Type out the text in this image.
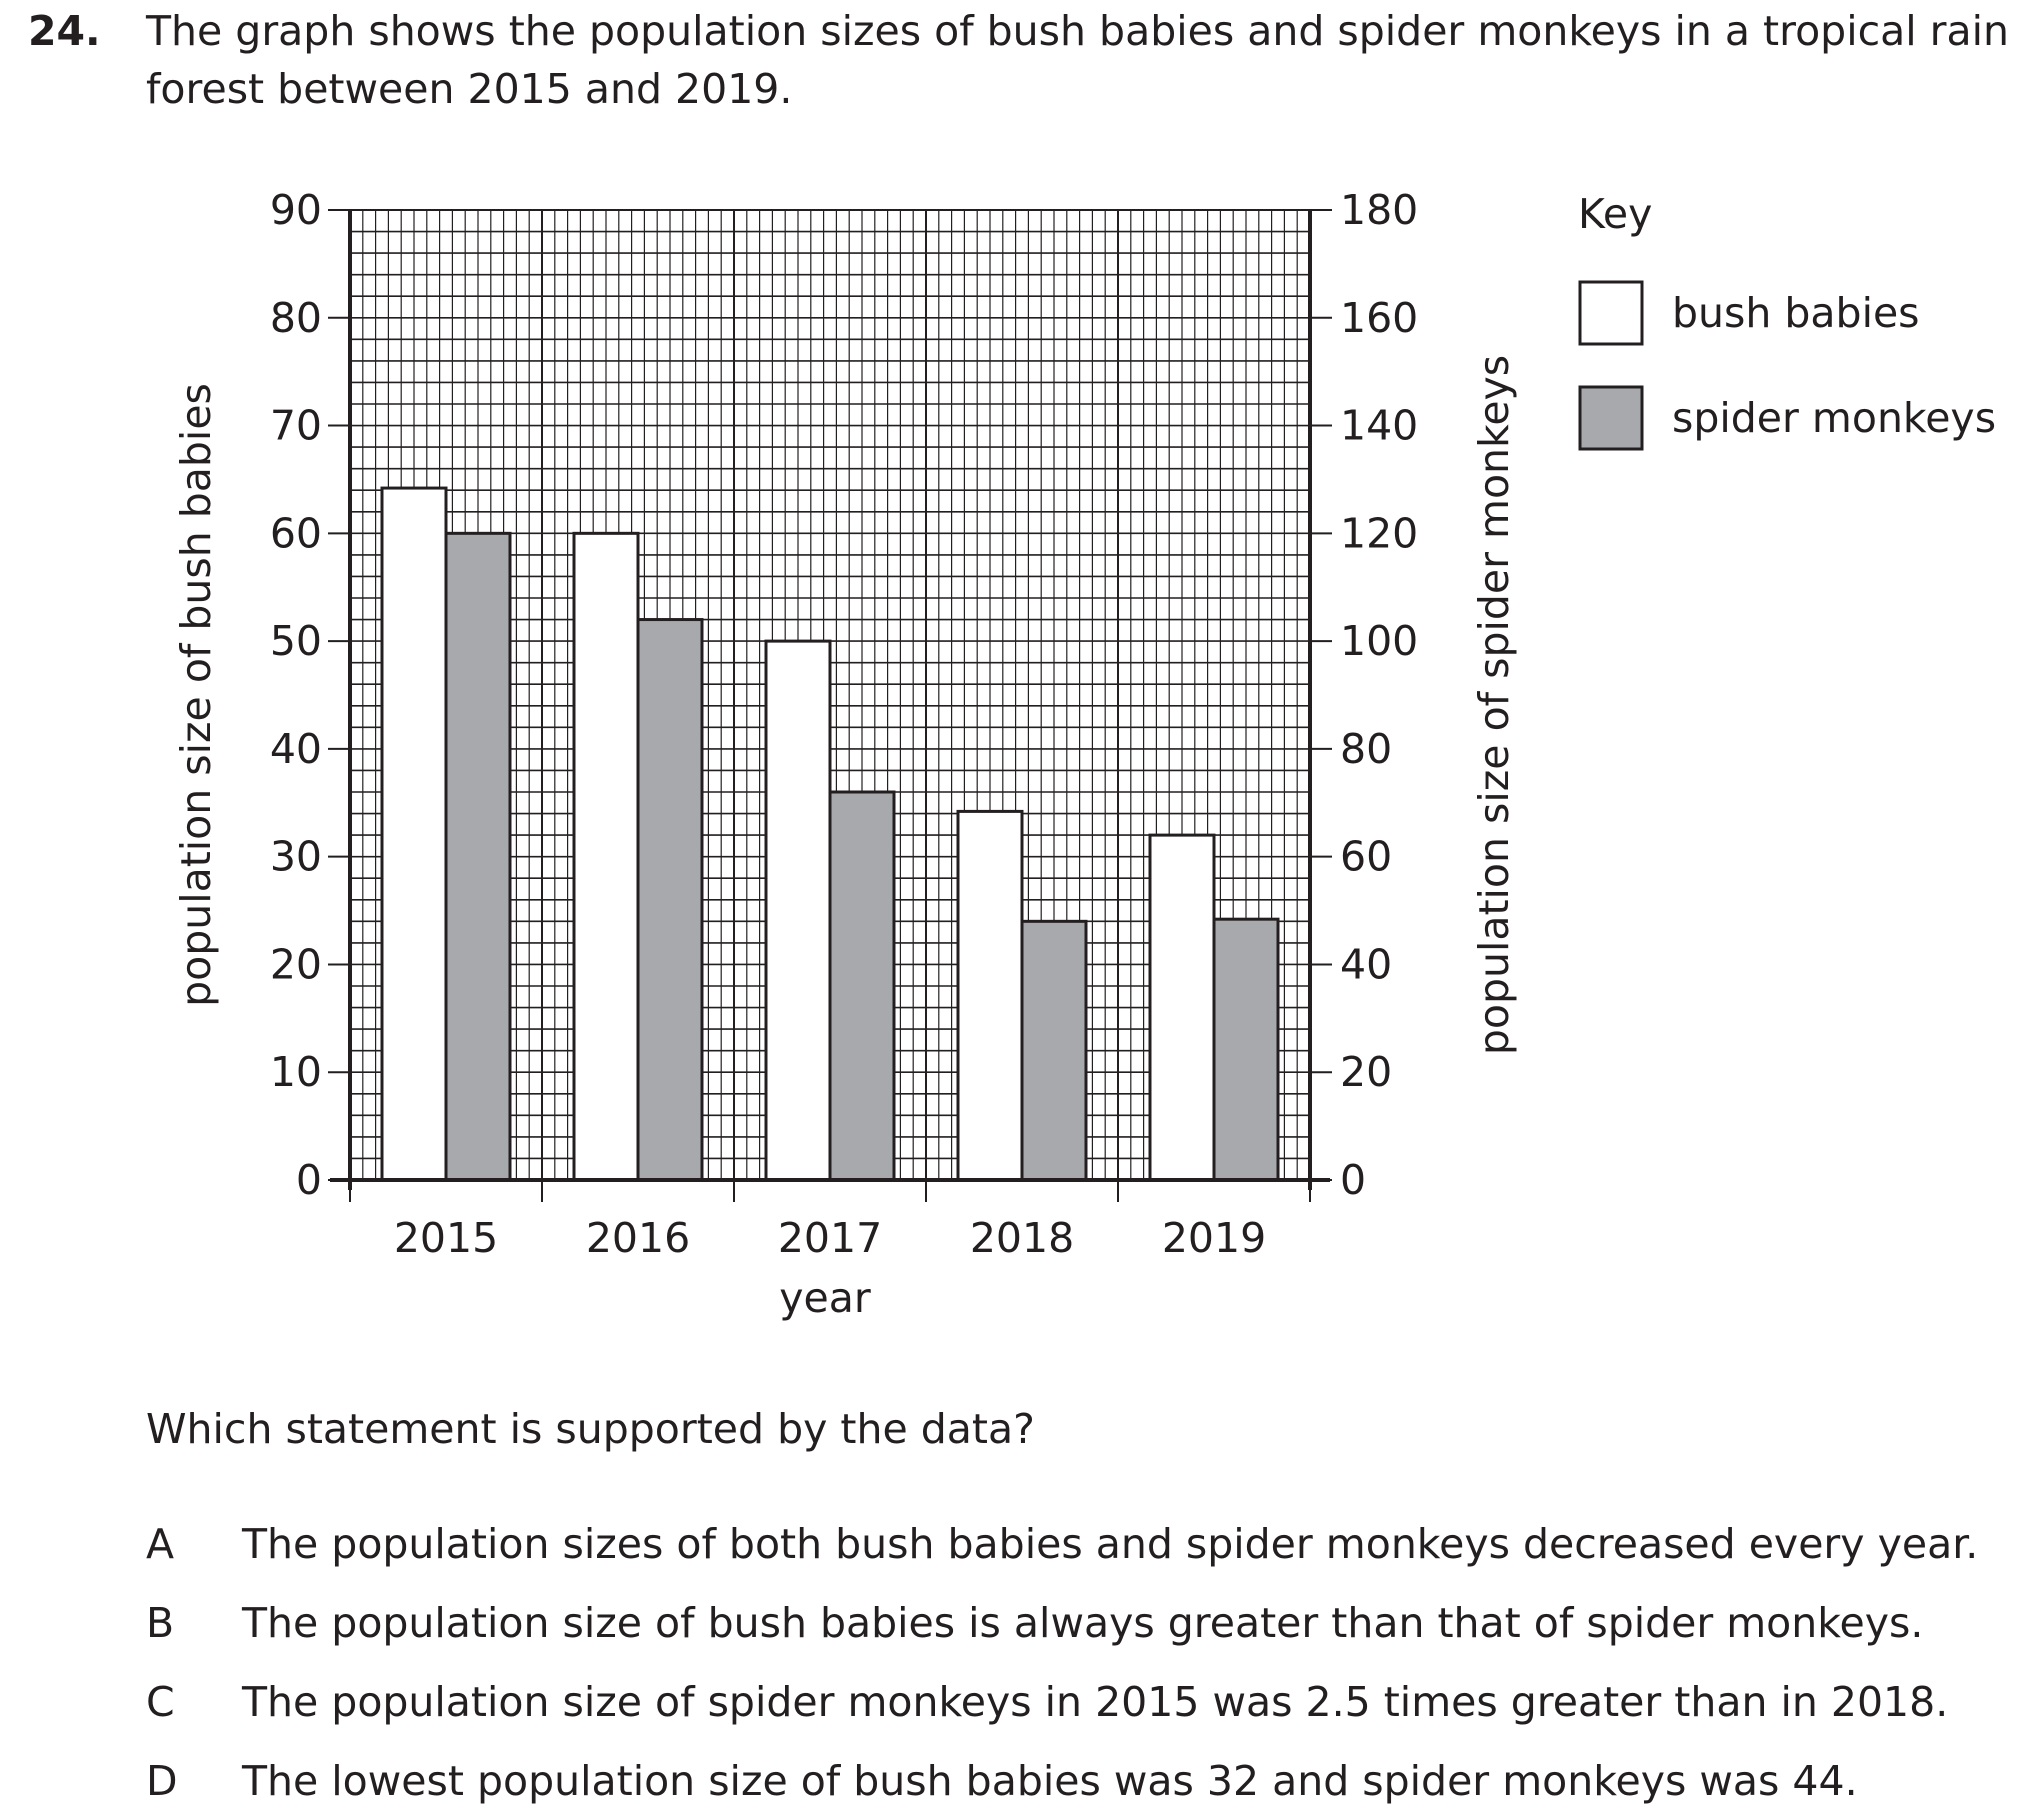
24. The graph shows the population sizes of bush babies and spider monkeys in a tropical rain forest between 2015 and 2019.
0
10
20
30
40
50
60
70
80
90
0
20
40
60
80
100
120
140
160
180
2015 2016 2017 2018 2019
year
population size of bush babies	population size of spider monkeys
Key
bush babies
spider monkeys
Which statement is supported by the data?
A The population sizes of both bush babies and spider monkeys decreased every year.
B The population size of bush babies is always greater than that of spider monkeys.
C The population size of spider monkeys in 2015 was 2.5 times greater than in 2018.
D The lowest population size of bush babies was 32 and spider monkeys was 44.
